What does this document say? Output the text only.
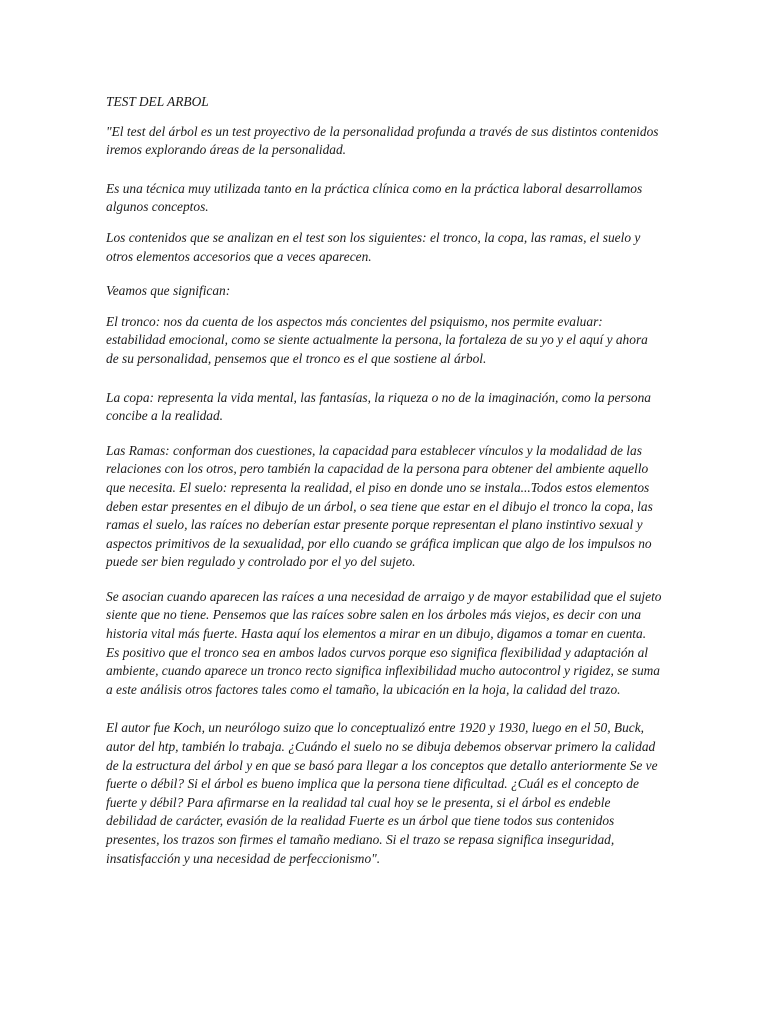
TEST DEL ARBOL

"El test del árbol es un test proyectivo de la personalidad profunda a través de sus distintos contenidos iremos explorando áreas de la personalidad.

Es una técnica muy utilizada tanto en la práctica clínica como en la práctica laboral desarrollamos algunos conceptos.

Los contenidos que se analizan en el test son los siguientes: el tronco, la copa, las ramas, el suelo y otros elementos accesorios que a veces aparecen.

Veamos que significan:

El tronco: nos da cuenta de los aspectos más concientes del psiquismo, nos permite evaluar: estabilidad emocional, como se siente actualmente la persona, la fortaleza de su yo y el aquí y ahora de su personalidad, pensemos que el tronco es el que sostiene al árbol.

La copa: representa la vida mental, las fantasías, la riqueza o no de la imaginación, como la persona concibe a la realidad.

Las Ramas: conforman dos cuestiones, la capacidad para establecer vínculos y la modalidad de las relaciones con los otros, pero también la capacidad de la persona para obtener del ambiente aquello que necesita. El suelo: representa la realidad, el piso en donde uno se instala...Todos estos elementos deben estar presentes en el dibujo de un árbol, o sea tiene que estar en el dibujo el tronco la copa, las ramas el suelo, las raíces no deberían estar presente porque representan el plano instintivo sexual y aspectos primitivos de la sexualidad, por ello cuando se gráfica implican que algo de los impulsos no puede ser bien regulado y controlado por el yo del sujeto.

Se asocian cuando aparecen las raíces a una necesidad de arraigo y de mayor estabilidad que el sujeto siente que no tiene. Pensemos que las raíces sobre salen en los árboles más viejos, es decir con una historia vital más fuerte. Hasta aquí los elementos a mirar en un dibujo, digamos a tomar en cuenta. Es positivo que el tronco sea en ambos lados curvos porque eso significa flexibilidad y adaptación al ambiente, cuando aparece un tronco recto significa inflexibilidad mucho autocontrol y rigidez, se suma a este análisis otros factores tales como el tamaño, la ubicación en la hoja, la calidad del trazo.

El autor fue Koch, un neurólogo suizo que lo conceptualizó entre 1920 y 1930, luego en el 50, Buck, autor del htp, también lo trabaja. ¿Cuándo el suelo no se dibuja debemos observar primero la calidad de la estructura del árbol y en que se basó para llegar a los conceptos que detallo anteriormente Se ve fuerte o débil? Si el árbol es bueno implica que la persona tiene dificultad. ¿Cuál es el concepto de fuerte y débil? Para afirmarse en la realidad tal cual hoy se le presenta, si el árbol es endeble debilidad de carácter, evasión de la realidad Fuerte es un árbol que tiene todos sus contenidos presentes, los trazos son firmes el tamaño mediano. Si el trazo se repasa significa inseguridad, insatisfacción y una necesidad de perfeccionismo".
